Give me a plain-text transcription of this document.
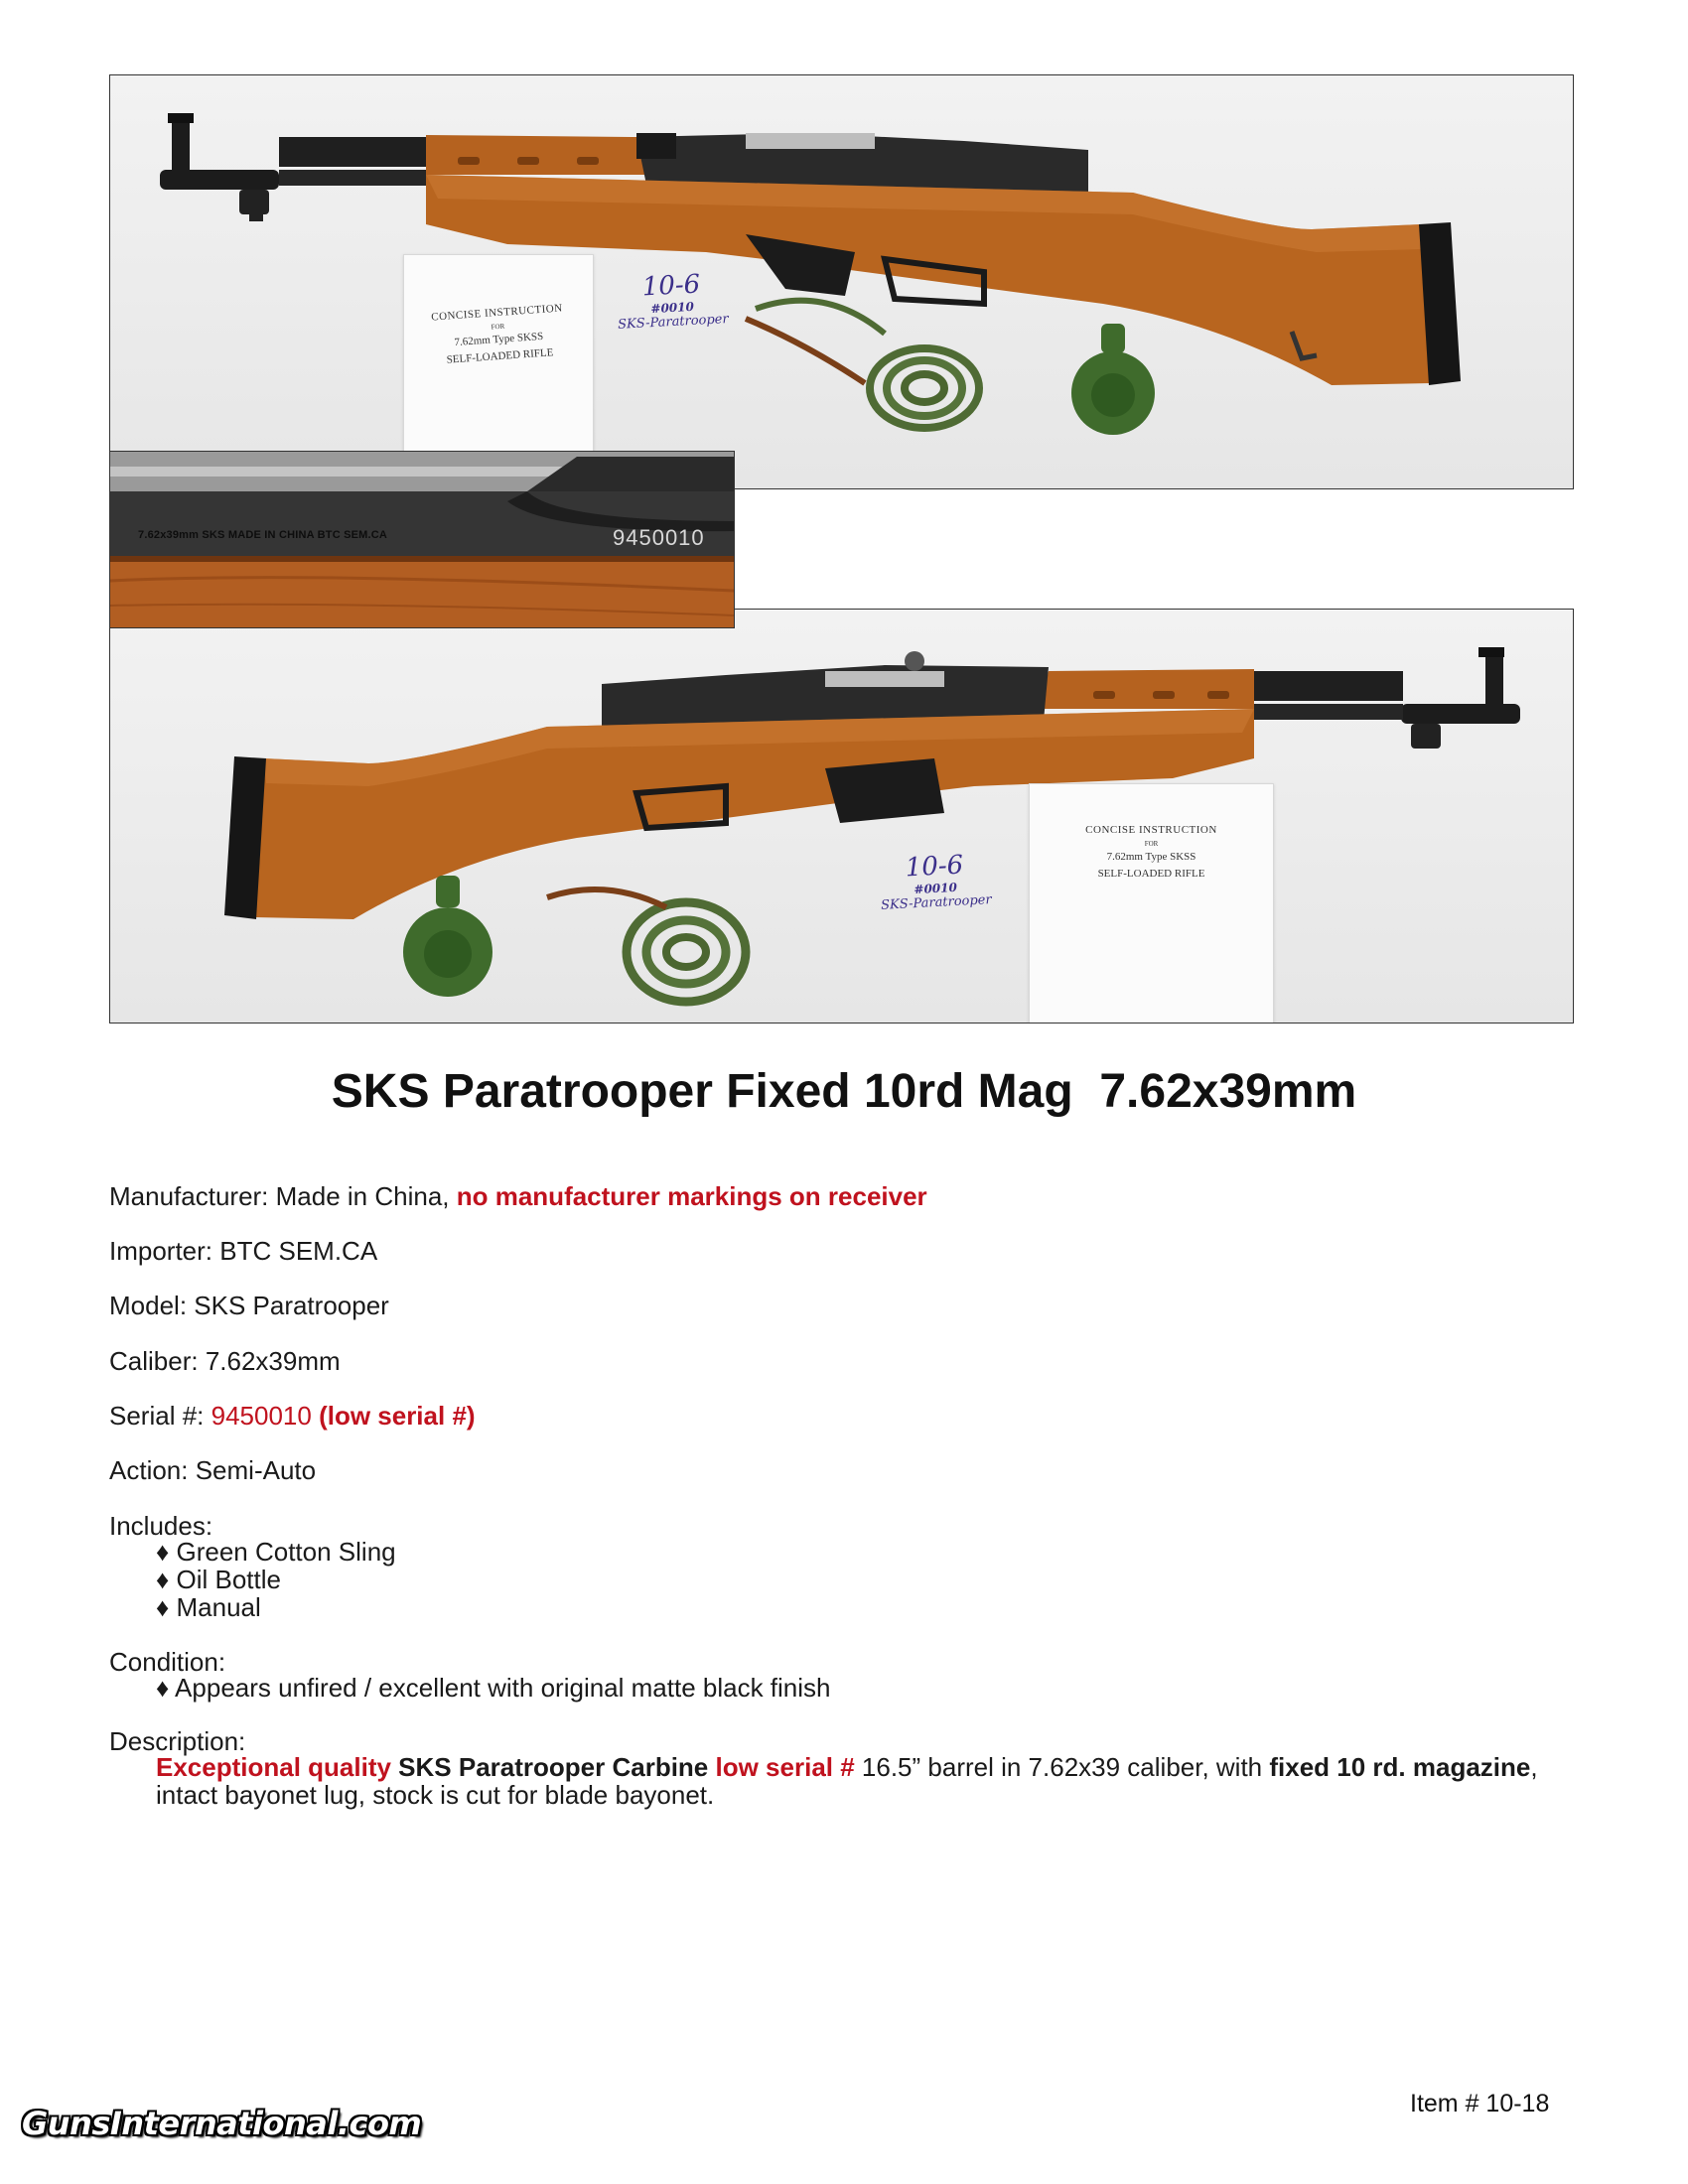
CONCISE INSTRUCTION
FOR
7.62mm Type SKSS
SELF-LOADED RIFLE
10-6
#0010
SKS-Paratrooper
7.62x39mm SKS MADE IN CHINA BTC SEM.CA	9450010
CONCISE INSTRUCTION
FOR
7.62mm Type SKSS
SELF-LOADED RIFLE
10-6
#0010
SKS-Paratrooper
SKS Paratrooper Fixed 10rd Mag  7.62x39mm
Manufacturer: Made in China, no manufacturer markings on receiver
Importer: BTC SEM.CA
Model: SKS Paratrooper
Caliber: 7.62x39mm
Serial #: 9450010 (low serial #)
Action: Semi-Auto
Includes:
♦ Green Cotton Sling
♦ Oil Bottle
♦ Manual
Condition:
♦ Appears unfired / excellent with original matte black finish
Description:
Exceptional quality SKS Paratrooper Carbine low serial # 16.5” barrel in 7.62x39 caliber, with fixed 10 rd. magazine, intact bayonet lug, stock is cut for blade bayonet.
Item # 10-18
GunsInternational.com
